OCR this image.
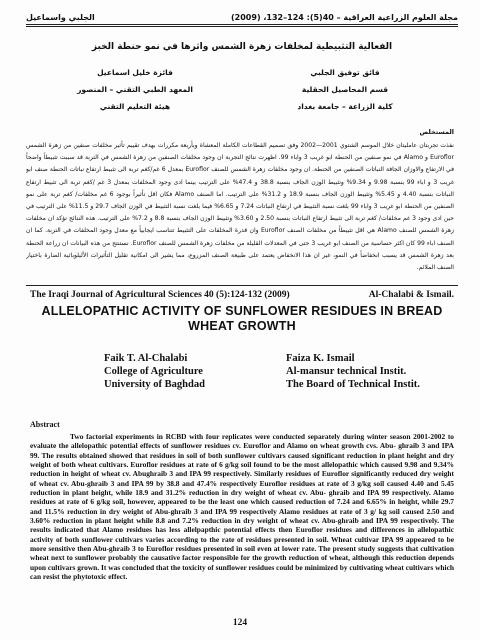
الجلبي واسماعيل	مجلة العلوم الزراعية العراقية – 40(5): 124–132، (2009)
الفعالية التثبيطية لمخلفات زهرة الشمس واثرها في نمو حنطة الخبز
فائق توفيق الجلبي
قسم المحاصيل الحقلية
كلية الزراعة – جامعة بغداد
فائزة خليل اسماعيل
المعهد الطبي التقني – المنصور
هيئة التعليم التقني
المستخلص
نفذت تجربتان عامليتان خلال الموسم الشتوي 2001—2002 وفق تصميم القطاعات الكاملة المعشاة وبأربعة مكررات بهدف تقييم تأثير مخلفات صنفين من زهرة الشمس Euroflor و Alamo في نمو صنفين من الحنطة ابو غريب 3 واباء 99. اظهرت نتائج التجربة ان وجود مخلفات الصنفين من زهرة الشمس في التربة قد سببت تثبيطاً واضحاً في الارتفاع والاوزان الجافة النباتات الصنفين من الحنطة. ان وجود مخلفات زهرة الشمس للصنف Euroflor بمعدل 6 غم/كغم تربة الى تثبيط ارتفاع نباتات الحنطة صنف ابو غريب 3 و اباء 99 بنسبة 9.98 و 9.34% وتثبيط الوزن الجاف بنسبة 38.8 و 47.4% على الترتيب بينما ادى وجود المخلفات بمعدل 3 غم /كغم تربة الى تثبيط ارتفاع النباتات بنسبة 4.40 و 5.45% وتثبيط الوزن الجاف بنسبة 18.9 و 31.2% على الترتيب. اما الصنف Alamo فكان اقل تأثيراً بوجود 6 غم مخلفات/ كغم تربة على نمو الصنفين من الحنطة ابو غريب 3 واباء 99 بلغت نسبة التثبيط في ارتفاع النباتات 7.24 و 6.65% فيما بلغت نسبة التثبيط في الوزن الجاف 29.7 و 11.5% على الترتيب في حين ادى وجود 3 غم مخلفات/ كغم تربة الى تثبيط ارتفاع النباتات بنسبة 2.50 و 3.60% وتثبيط الوزن الجاف بنسبة 8.8 و 7.2% على الترتيب. هذه النتائج تؤكد ان مخلفات زهرة الشمس للصنف Alamo هي اقل تثبيطاً من مخلفات الصنف Euroflor وان قدرة المخلفات على التثبيط تتناسب ايجابياً مع معدل وجود المخلفات في التربة. كما ان الصنف اباء 99 كان اكثر حساسية من الصنف ابو غريب 3 حتى في المعدلات القليلة من مخلفات زهرة الشمس للصنف Euroflor. نستنتج من هذه البيانات ان زراعة الحنطة بعد زهرة الشمس قد يسبب انخفاضاً في النمو، غير ان هذا الانخفاض يعتمد على طبيعة الصنف المزروع، مما يشير الى امكانية تقليل التأثيرات الأليلوباثية الضارة باختيار الصنف الملائم.
The Iraqi Journal of Agricultural Sciences 40 (5):124-132 (2009)	Al-Chalabi & Ismail.
ALLELOPATHIC ACTIVITY OF SUNFLOWER RESIDUES IN BREAD WHEAT GROWTH
Faik T. Al-Chalabi
College of Agriculture
University of Baghdad
Faiza K. Ismail
Al-mansur technical Instit.
The Board of Technical Instit.
Abstract
Two factorial experiments in RCBD with four replicates were conducted separately during winter season 2001-2002 to evaluate the allelopathic potential effects of sunflower residues cv. Euroflor and Alamo on wheat growth cvs. Abu- ghraib 3 and IPA 99. The results obtained showed that residues in soil of both sunflower cultivars caused significant reduction in plant height and dry weight of both wheat cultivars. Euroflor residues at rate of 6 g/kg soil found to be the most allelopathic which caused 9.98 and 9.34% reduction in height of wheat cv. Abughraib 3 and IPA 99 respectively. Similarly residues of Euroflor significantly reduced dry weight of wheat cv. Abu-ghraib 3 and IPA 99 by 38.8 and 47.4% respectively Euroflor residues at rate of 3 g/kg soil caused 4.40 and 5.45 reduction in plant height, while 18.9 and 31.2% reduction in dry weight of wheat cv. Abu- ghraib and IPA 99 respectively. Alamo residues at rate of 6 g/kg soil, however, appeared to be the least one which caused reduction of 7.24 and 6.65% in height, while 29.7 and 11.5% reduction in dry weight of Abu-ghraib 3 and IPA 99 respectively Alamo residues at rate of 3 g/ kg soil caused 2.50 and 3.60% reduction in plant height while 8.8 and 7.2% reduction in dry weight of wheat cv. Abu-ghraib and IPA 99 respectively. The results indicated that Alamo residues has less allelpapthic potential effects then Euroflor residues and differences in allelopathic activity of both sunflower cultivars varies according to the rate of residues presented in soil. Wheat cultivar IPA 99 appeared to be more sensitive then Abu-ghraib 3 to Euroflor residues presented in soil even at lower rate. The present study suggests that cultivation wheat next to sunflower probably the causative factor responsible for the growth reduction of wheat, although this reduction depends upon cultivars grown. It was concluded that the toxicity of sunflower residues could be minimized by cultivating wheat cultivars which can resist the phytotoxic effect.
124
